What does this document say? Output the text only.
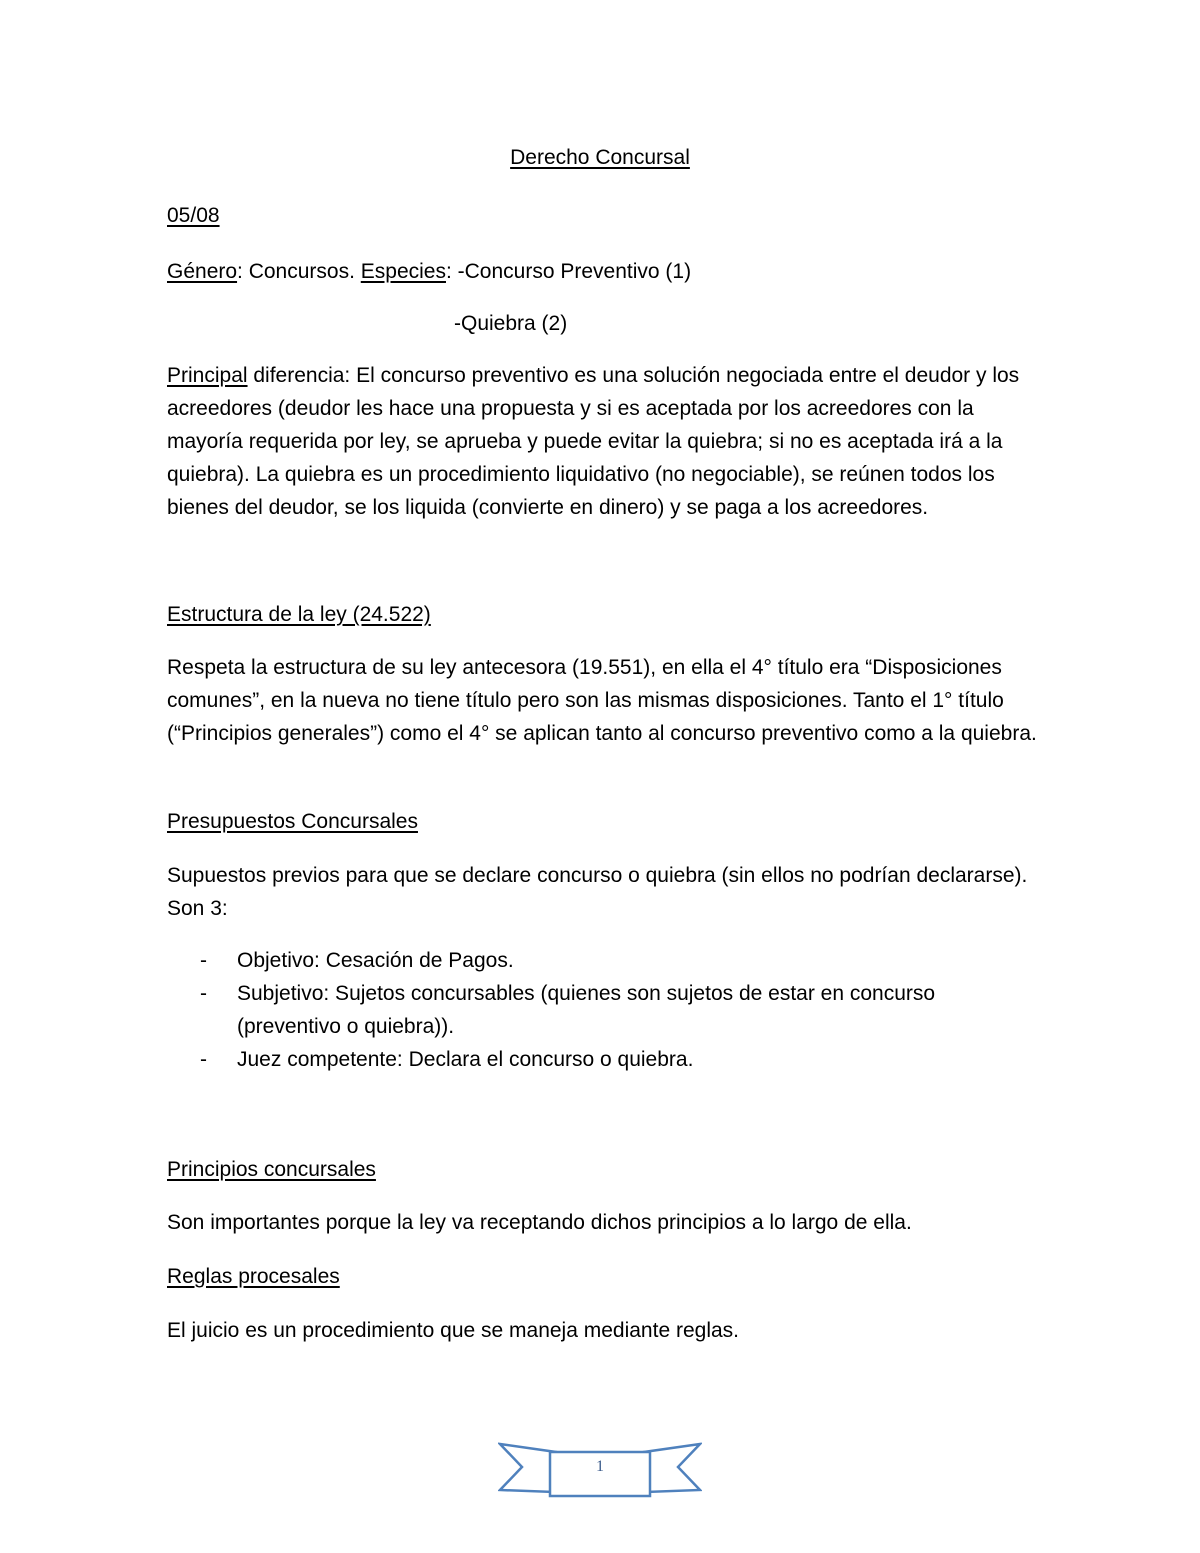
Derecho Concursal

05/08

Género: Concursos. Especies: -Concurso Preventivo (1)

-Quiebra (2)

Principal diferencia: El concurso preventivo es una solución negociada entre el deudor y los acreedores (deudor les hace una propuesta y si es aceptada por los acreedores con la mayoría requerida por ley, se aprueba y puede evitar la quiebra; si no es aceptada irá a la quiebra). La quiebra es un procedimiento liquidativo (no negociable), se reúnen todos los bienes del deudor, se los liquida (convierte en dinero) y se paga a los acreedores.

Estructura de la ley (24.522)

Respeta la estructura de su ley antecesora (19.551), en ella el 4° título era “Disposiciones comunes”, en la nueva no tiene título pero son las mismas disposiciones. Tanto el 1° título (“Principios generales”) como el 4° se aplican tanto al concurso preventivo como a la quiebra.

Presupuestos Concursales

Supuestos previos para que se declare concurso o quiebra (sin ellos no podrían declararse). Son 3:

- Objetivo: Cesación de Pagos.
- Subjetivo: Sujetos concursables (quienes son sujetos de estar en concurso (preventivo o quiebra)).
- Juez competente: Declara el concurso o quiebra.

Principios concursales

Son importantes porque la ley va receptando dichos principios a lo largo de ella.

Reglas procesales

El juicio es un procedimiento que se maneja mediante reglas.

1
